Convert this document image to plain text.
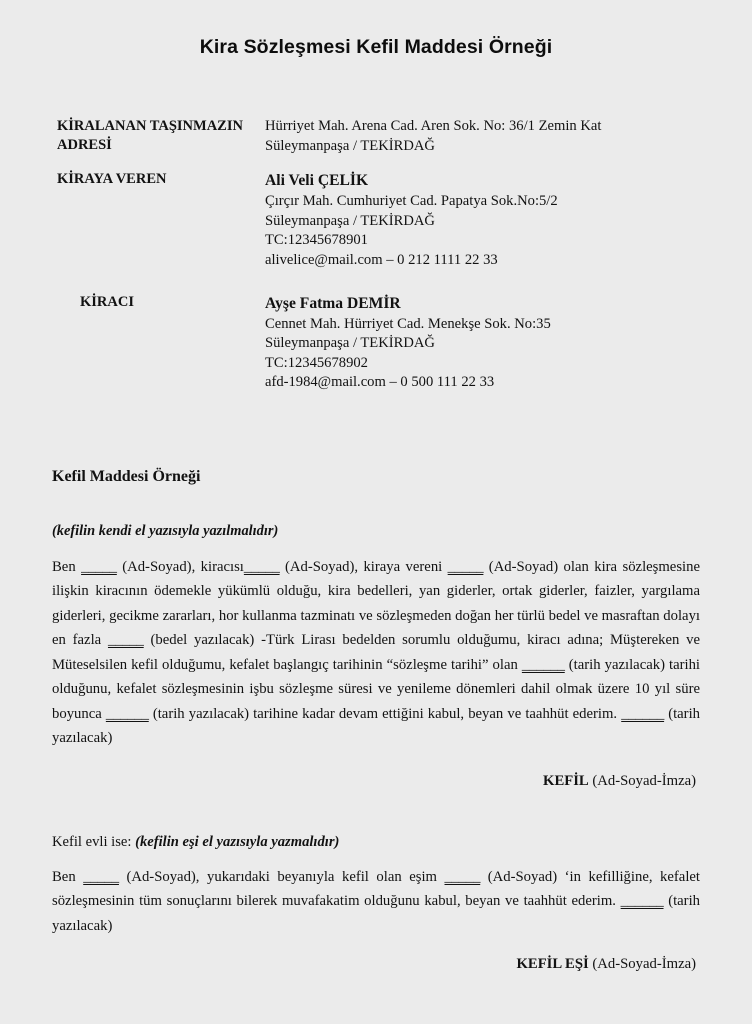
Kira Sözleşmesi Kefil Maddesi Örneği
KİRALANAN TAŞINMAZIN ADRESİ
Hürriyet Mah. Arena Cad. Aren Sok. No: 36/1 Zemin Kat
Süleymanpaşa / TEKİRDAĞ
KİRAYA VEREN	Ali Veli ÇELİK
Çırçır Mah. Cumhuriyet Cad. Papatya Sok.No:5/2
Süleymanpaşa / TEKİRDAĞ
TC:12345678901
alivelice@mail.com – 0 212 1111 22 33
KİRACI	Ayşe Fatma DEMİR
Cennet Mah. Hürriyet Cad. Menekşe Sok. No:35
Süleymanpaşa / TEKİRDAĞ
TC:12345678902
afd-1984@mail.com – 0 500 111 22 33
Kefil Maddesi Örneği
(kefilin kendi el yazısıyla yazılmalıdır)

Ben _____ (Ad-Soyad), kiracısı_____ (Ad-Soyad), kiraya vereni _____ (Ad-Soyad) olan kira sözleşmesine ilişkin kiracının ödemekle yükümlü olduğu, kira bedelleri, yan giderler, ortak giderler, faizler, yargılama giderleri, gecikme zararları, hor kullanma tazminatı ve sözleşmeden doğan her türlü bedel ve masraftan dolayı en fazla _____ (bedel yazılacak) -Türk Lirası bedelden sorumlu olduğumu, kiracı adına; Müştereken ve Müteselsilen kefil olduğumu, kefalet başlangıç tarihinin “sözleşme tarihi” olan ______ (tarih yazılacak) tarihi olduğunu, kefalet sözleşmesinin işbu sözleşme süresi ve yenileme dönemleri dahil olmak üzere 10 yıl süre boyunca ______ (tarih yazılacak) tarihine kadar devam ettiğini kabul, beyan ve taahhüt ederim. ______ (tarih yazılacak)

KEFİL (Ad-Soyad-İmza)
Kefil evli ise: (kefilin eşi el yazısıyla yazmalıdır)

Ben _____ (Ad-Soyad), yukarıdaki beyanıyla kefil olan eşim _____ (Ad-Soyad) ‘in kefilliğine, kefalet sözleşmesinin tüm sonuçlarını bilerek muvafakatim olduğunu kabul, beyan ve taahhüt ederim. ______ (tarih yazılacak)

KEFİL EŞİ (Ad-Soyad-İmza)
